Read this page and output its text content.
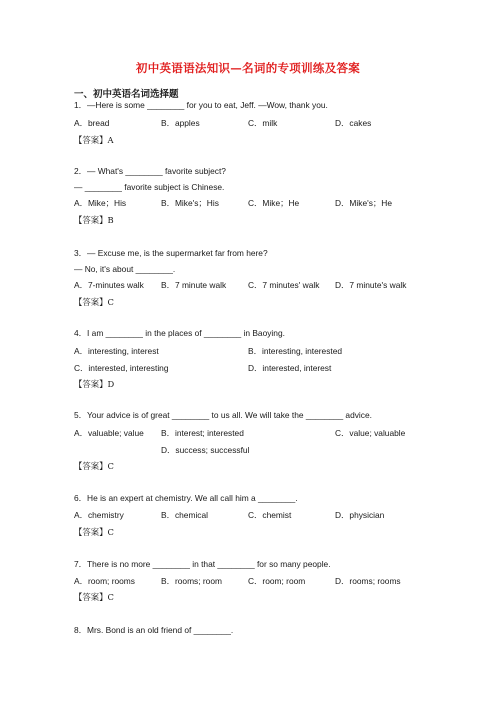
初中英语语法知识—名词的专项训练及答案
一、初中英语名词选择题
1．—Here is some ________ for you to eat, Jeff. —Wow, thank you.
A．bread	B．apples	C．milk	D．cakes
【答案】A
2．— What's ________ favorite subject?
— ________ favorite subject is Chinese.
A．Mike；His	B．Mike's；His	C．Mike；He	D．Mike's；He
【答案】B
3．— Excuse me, is the supermarket far from here?
— No, it's about ________.
A．7-minutes walk B．7 minute walk	C．7 minutes' walk D．7 minute's walk
【答案】C
4．I am ________ in the places of ________ in Baoying.
A．interesting, interest	B．interesting, interested
C．interested, interesting	D．interested, interest
【答案】D
5．Your advice is of great ________ to us all. We will take the ________ advice.
A．valuable; value B．interest; interested	C．value; valuable
D．success; successful
【答案】C
6．He is an expert at chemistry. We all call him a ________.
A．chemistry	B．chemical	C．chemist	D．physician
【答案】C
7．There is no more ________ in that ________ for so many people.
A．room; rooms	B．rooms; room	C．room; room	D．rooms; rooms
【答案】C
8．Mrs. Bond is an old friend of ________.
